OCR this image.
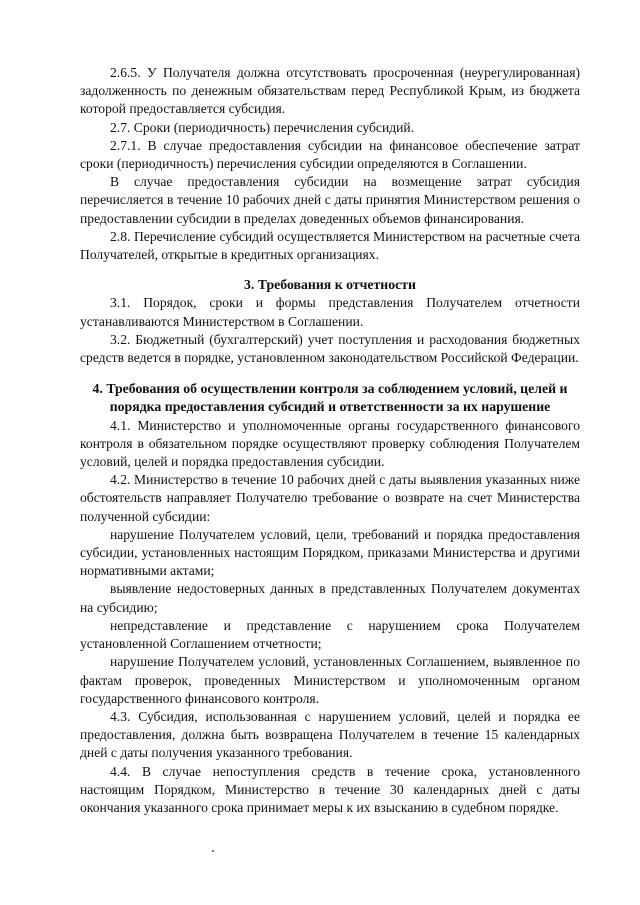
2.6.5. У Получателя должна отсутствовать просроченная (неурегулированная) задолженность по денежным обязательствам перед Республикой Крым, из бюджета которой предоставляется субсидия.

2.7. Сроки (периодичность) перечисления субсидий.

2.7.1. В случае предоставления субсидии на финансовое обеспечение затрат сроки (периодичность) перечисления субсидии определяются в Соглашении.

В случае предоставления субсидии на возмещение затрат субсидия перечисляется в течение 10 рабочих дней с даты принятия Министерством решения о предоставлении субсидии в пределах доведенных объемов финансирования.

2.8. Перечисление субсидий осуществляется Министерством на расчетные счета Получателей, открытые в кредитных организациях.

3. Требования к отчетности

3.1. Порядок, сроки и формы представления Получателем отчетности устанавливаются Министерством в Соглашении.

3.2. Бюджетный (бухгалтерский) учет поступления и расходования бюджетных средств ведется в порядке, установленном законодательством Российской Федерации.

4. Требования об осуществлении контроля за соблюдением условий, целей и порядка предоставления субсидий и ответственности за их нарушение

4.1. Министерство и уполномоченные органы государственного финансового контроля в обязательном порядке осуществляют проверку соблюдения Получателем условий, целей и порядка предоставления субсидии.

4.2. Министерство в течение 10 рабочих дней с даты выявления указанных ниже обстоятельств направляет Получателю требование о возврате на счет Министерства полученной субсидии:

нарушение Получателем условий, цели, требований и порядка предоставления субсидии, установленных настоящим Порядком, приказами Министерства и другими нормативными актами;

выявление недостоверных данных в представленных Получателем документах на субсидию;

непредставление и представление с нарушением срока Получателем установленной Соглашением отчетности;

нарушение Получателем условий, установленных Соглашением, выявленное по фактам проверок, проведенных Министерством и уполномоченным органом государственного финансового контроля.

4.3. Субсидия, использованная с нарушением условий, целей и порядка ее предоставления, должна быть возвращена Получателем в течение 15 календарных дней с даты получения указанного требования.

4.4. В случае непоступления средств в течение срока, установленного настоящим Порядком, Министерство в течение 30 календарных дней с даты окончания указанного срока принимает меры к их взысканию в судебном порядке.
